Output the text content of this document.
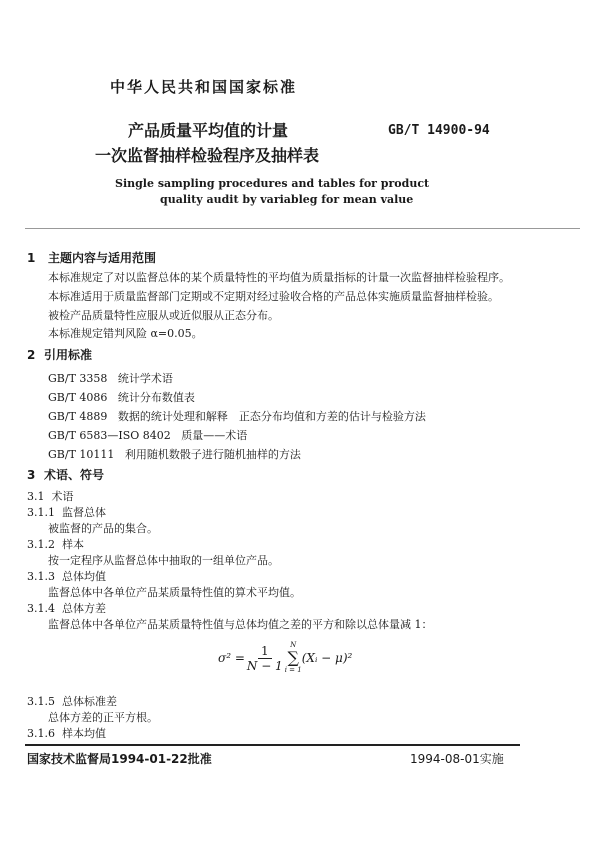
中华人民共和国国家标准
产品质量平均值的计量
一次监督抽样检验程序及抽样表
GB/T 14900-94
Single sampling procedures and tables for product
quality audit by variableg for mean value
1 主题内容与适用范围
本标准规定了对以监督总体的某个质量特性的平均值为质量指标的计量一次监督抽样检验程序。
本标准适用于质量监督部门定期或不定期对经过验收合格的产品总体实施质量监督抽样检验。
被检产品质量特性应服从或近似服从正态分布。
本标准规定错判风险 α=0.05。
2 引用标准
GB/T 3358 统计学术语
GB/T 4086 统计分布数值表
GB/T 4889 数据的统计处理和解释　正态分布均值和方差的估计与检验方法
GB/T 6583—ISO 8402 质量——术语
GB/T 10111 利用随机数骰子进行随机抽样的方法
3 术语、符号
3.1 术语
3.1.1 监督总体
被监督的产品的集合。
3.1.2 样本
按一定程序从监督总体中抽取的一组单位产品。
3.1.3 总体均值
监督总体中各单位产品某质量特性值的算术平均值。
3.1.4 总体方差
监督总体中各单位产品某质量特性值与总体均值之差的平方和除以总体量减 1：
$\sigma^2 = \frac{1}{N - 1}$ N
∑
i = 1
(Xᵢ − μ)²
3.1.5 总体标准差
总体方差的正平方根。
3.1.6 样本均值
国家技术监督局1994-01-22批准	1994-08-01实施
